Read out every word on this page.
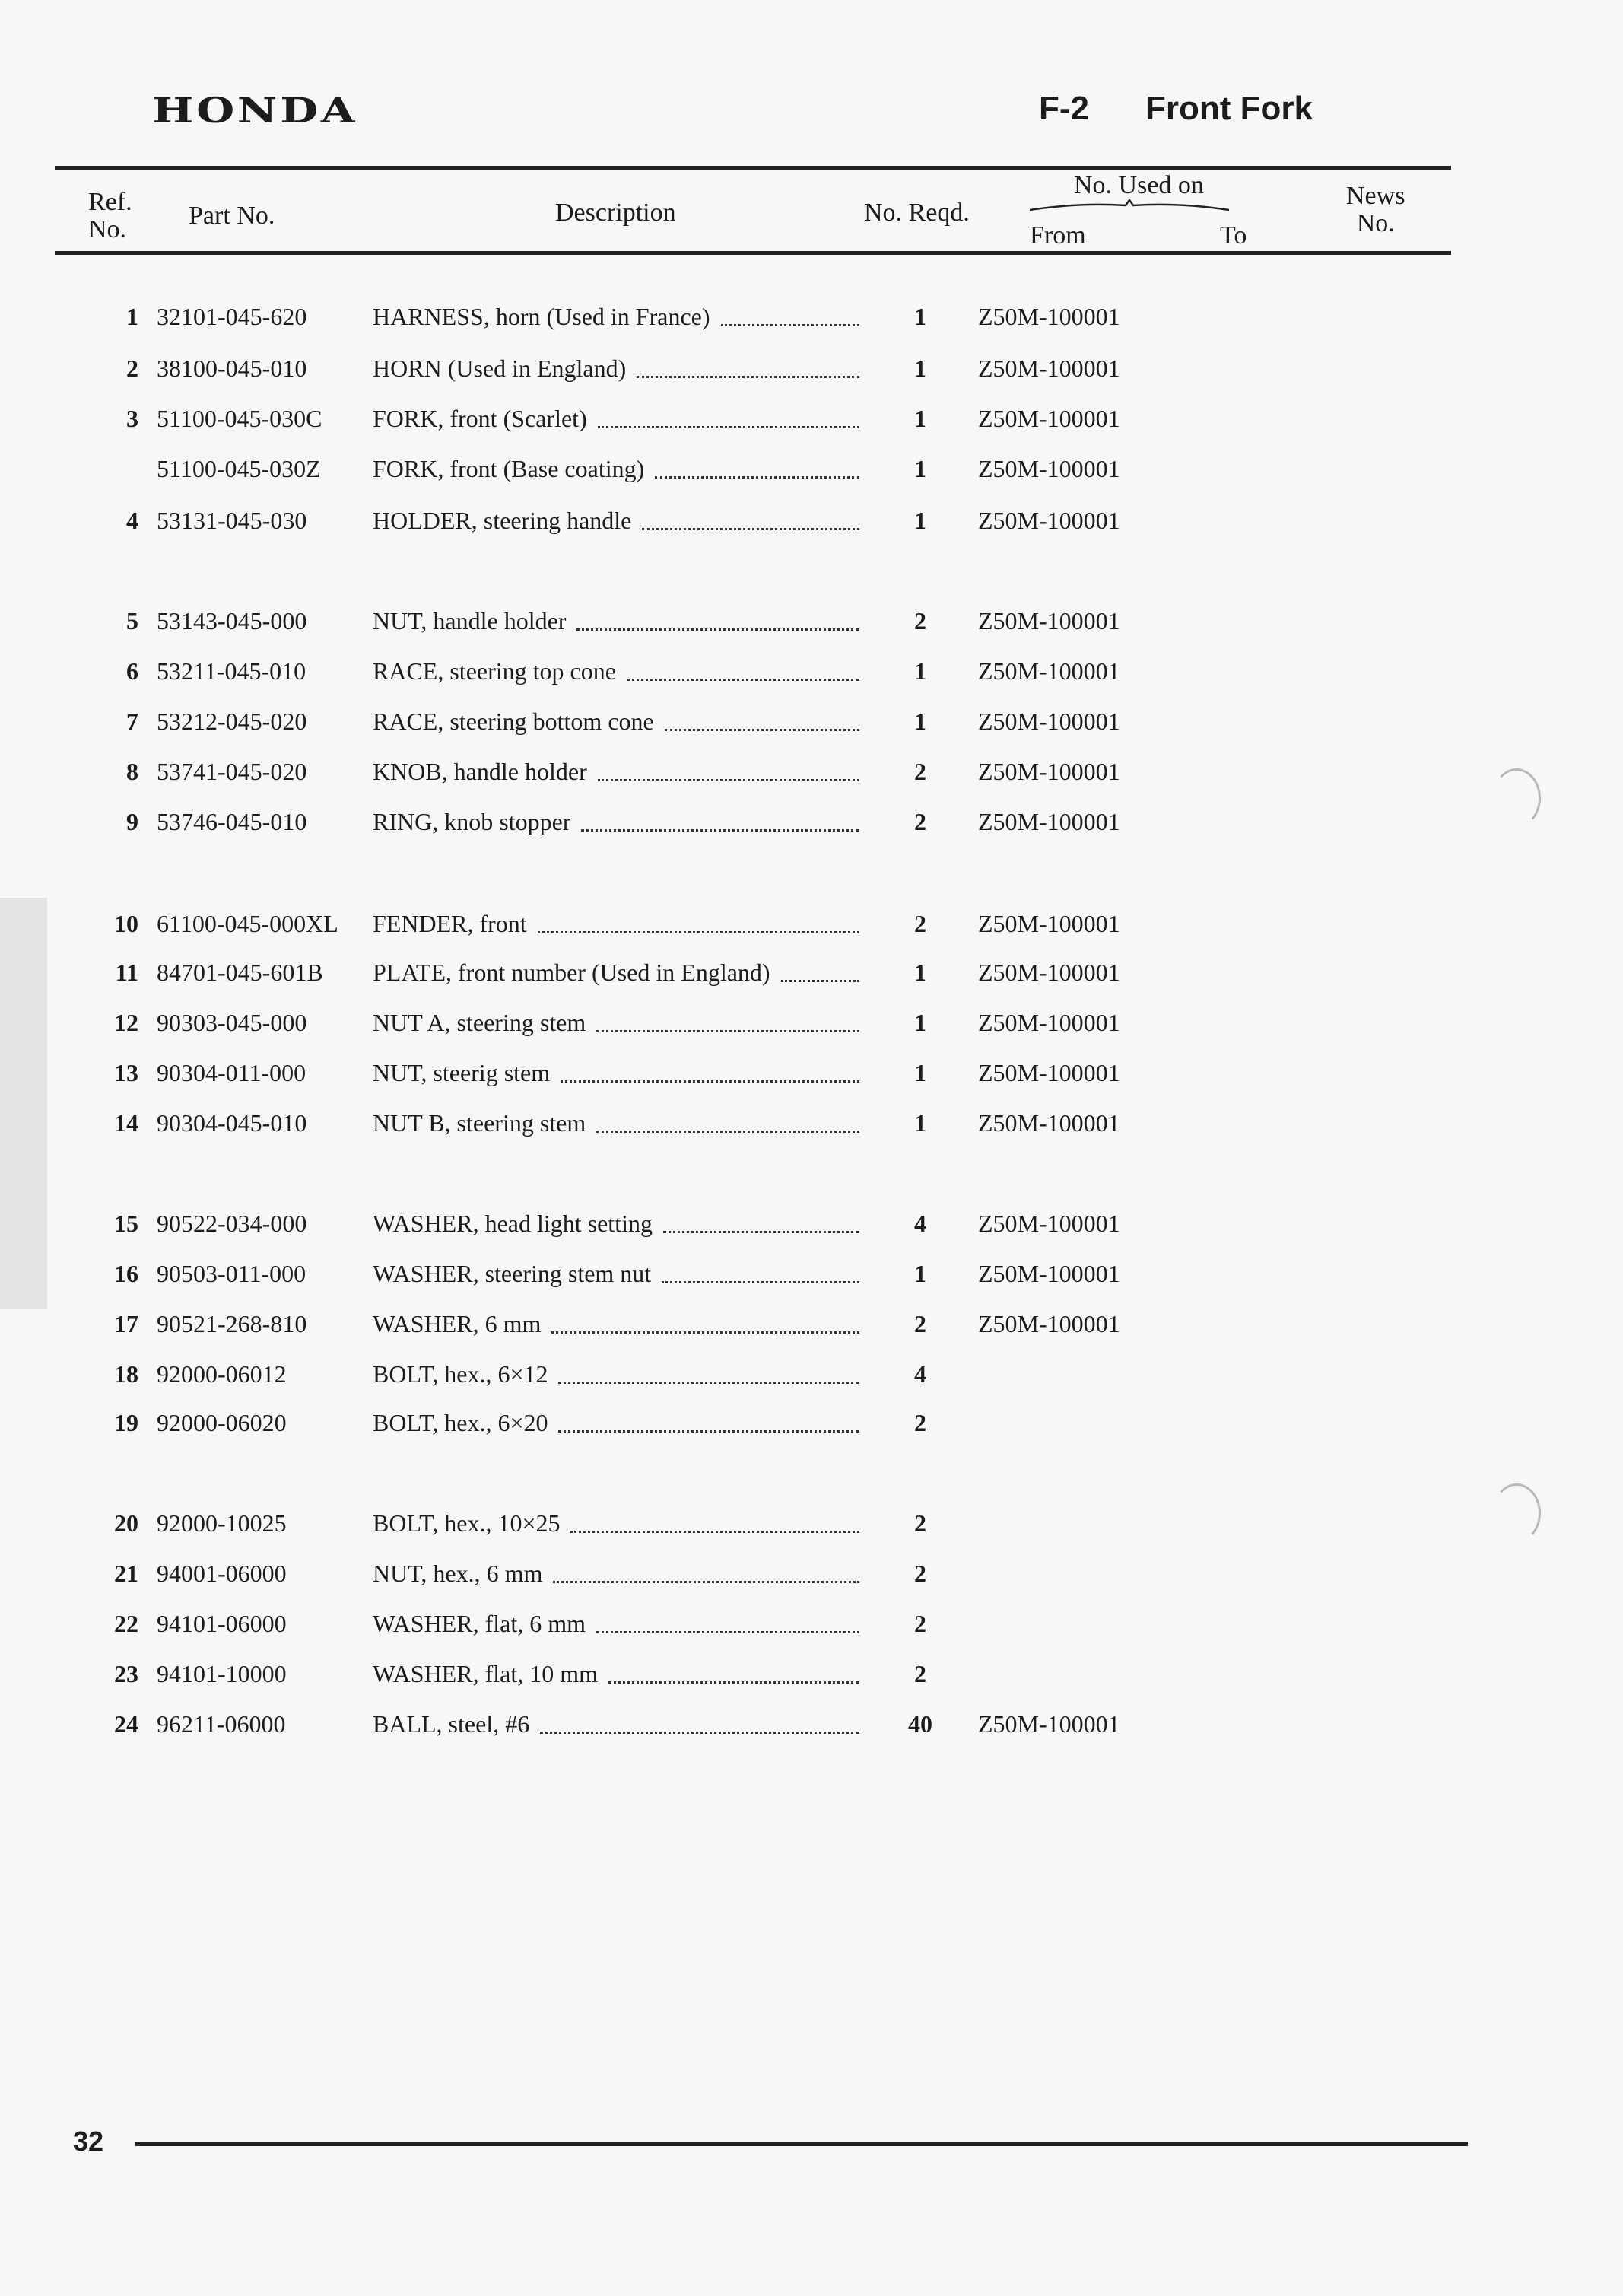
HONDA	F-2 Front Fork
Ref.
No. Part No.	Description	No. Reqd.
No. Used on
From	To
News
No.
1 32101-045-620	HARNESS, horn (Used in France)	1	Z50M-100001
2 38100-045-010	HORN (Used in England)	1	Z50M-100001
3 51100-045-030C FORK, front (Scarlet)	1	Z50M-100001
51100-045-030Z FORK, front (Base coating)	1	Z50M-100001
4 53131-045-030	HOLDER, steering handle	1	Z50M-100001
5 53143-045-000	NUT, handle holder	2	Z50M-100001
6 53211-045-010	RACE, steering top cone	1	Z50M-100001
7 53212-045-020	RACE, steering bottom cone	1	Z50M-100001
8 53741-045-020	KNOB, handle holder	2	Z50M-100001
9 53746-045-010	RING, knob stopper	2	Z50M-100001
10 61100-045-000XL FENDER, front	2	Z50M-100001
11 84701-045-601B PLATE, front number (Used in England)	1	Z50M-100001
12 90303-045-000	NUT A, steering stem	1	Z50M-100001
13 90304-011-000	NUT, steerig stem	1	Z50M-100001
14 90304-045-010	NUT B, steering stem	1	Z50M-100001
15 90522-034-000	WASHER, head light setting	4	Z50M-100001
16 90503-011-000	WASHER, steering stem nut	1	Z50M-100001
17 90521-268-810	WASHER, 6 mm	2	Z50M-100001
18 92000-06012	BOLT, hex., 6×12	4
19 92000-06020	BOLT, hex., 6×20	2
20 92000-10025	BOLT, hex., 10×25	2
21 94001-06000	NUT, hex., 6 mm	2
22 94101-06000	WASHER, flat, 6 mm	2
23 94101-10000	WASHER, flat, 10 mm	2
24 96211-06000	BALL, steel, #6	40	Z50M-100001
32
